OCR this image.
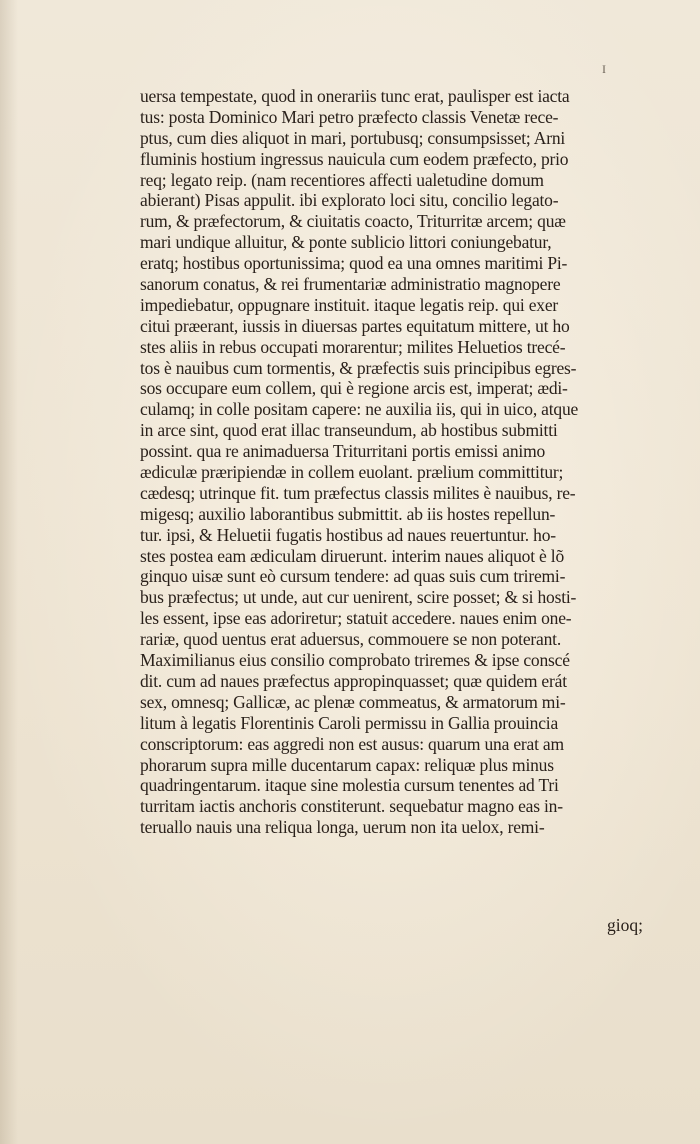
I
uersa tempestate, quod in onerariis tunc erat, paulisper est iacta
tus: posta Dominico Mari petro præfecto classis Venetæ rece-
ptus, cum dies aliquot in mari, portubusq; consumpsisset; Arni
fluminis hostium ingressus nauicula cum eodem præfecto, prio
req; legato reip. (nam recentiores affecti ualetudine domum
abierant) Pisas appulit. ibi explorato loci situ, concilio legato-
rum, & præfectorum, & ciuitatis coacto, Triturritæ arcem; quæ
mari undique alluitur, & ponte sublicio littori coniungebatur,
eratq; hostibus oportunissima; quod ea una omnes maritimi Pi-
sanorum conatus, & rei frumentariæ administratio magnopere
impediebatur, oppugnare instituit. itaque legatis reip. qui exer
citui præerant, iussis in diuersas partes equitatum mittere, ut ho
stes aliis in rebus occupati morarentur; milites Heluetios trecé-
tos è nauibus cum tormentis, & præfectis suis principibus egres-
sos occupare eum collem, qui è regione arcis est, imperat; ædi-
culamq; in colle positam capere: ne auxilia iis, qui in uico, atque
in arce sint, quod erat illac transeundum, ab hostibus submitti
possint. qua re animaduersa Triturritani portis emissi animo
ædiculæ præripiendæ in collem euolant. prælium committitur;
cædesq; utrinque fit. tum præfectus classis milites è nauibus, re-
migesq; auxilio laborantibus submittit. ab iis hostes repellun-
tur. ipsi, & Heluetii fugatis hostibus ad naues reuertuntur. ho-
stes postea eam ædiculam diruerunt. interim naues aliquot è lõ
ginquo uisæ sunt eò cursum tendere: ad quas suis cum triremi-
bus præfectus; ut unde, aut cur uenirent, scire posset; & si hosti-
les essent, ipse eas adoriretur; statuit accedere. naues enim one-
rariæ, quod uentus erat aduersus, commouere se non poterant.
Maximilianus eius consilio comprobato triremes & ipse conscé
dit. cum ad naues præfectus appropinquasset; quæ quidem erát
sex, omnesq; Gallicæ, ac plenæ commeatus, & armatorum mi-
litum à legatis Florentinis Caroli permissu in Gallia prouincia
conscriptorum: eas aggredi non est ausus: quarum una erat am
phorarum supra mille ducentarum capax: reliquæ plus minus
quadringentarum. itaque sine molestia cursum tenentes ad Tri
turritam iactis anchoris constiterunt. sequebatur magno eas in-
teruallo nauis una reliqua longa, uerum non ita uelox, remi-
gioq;
